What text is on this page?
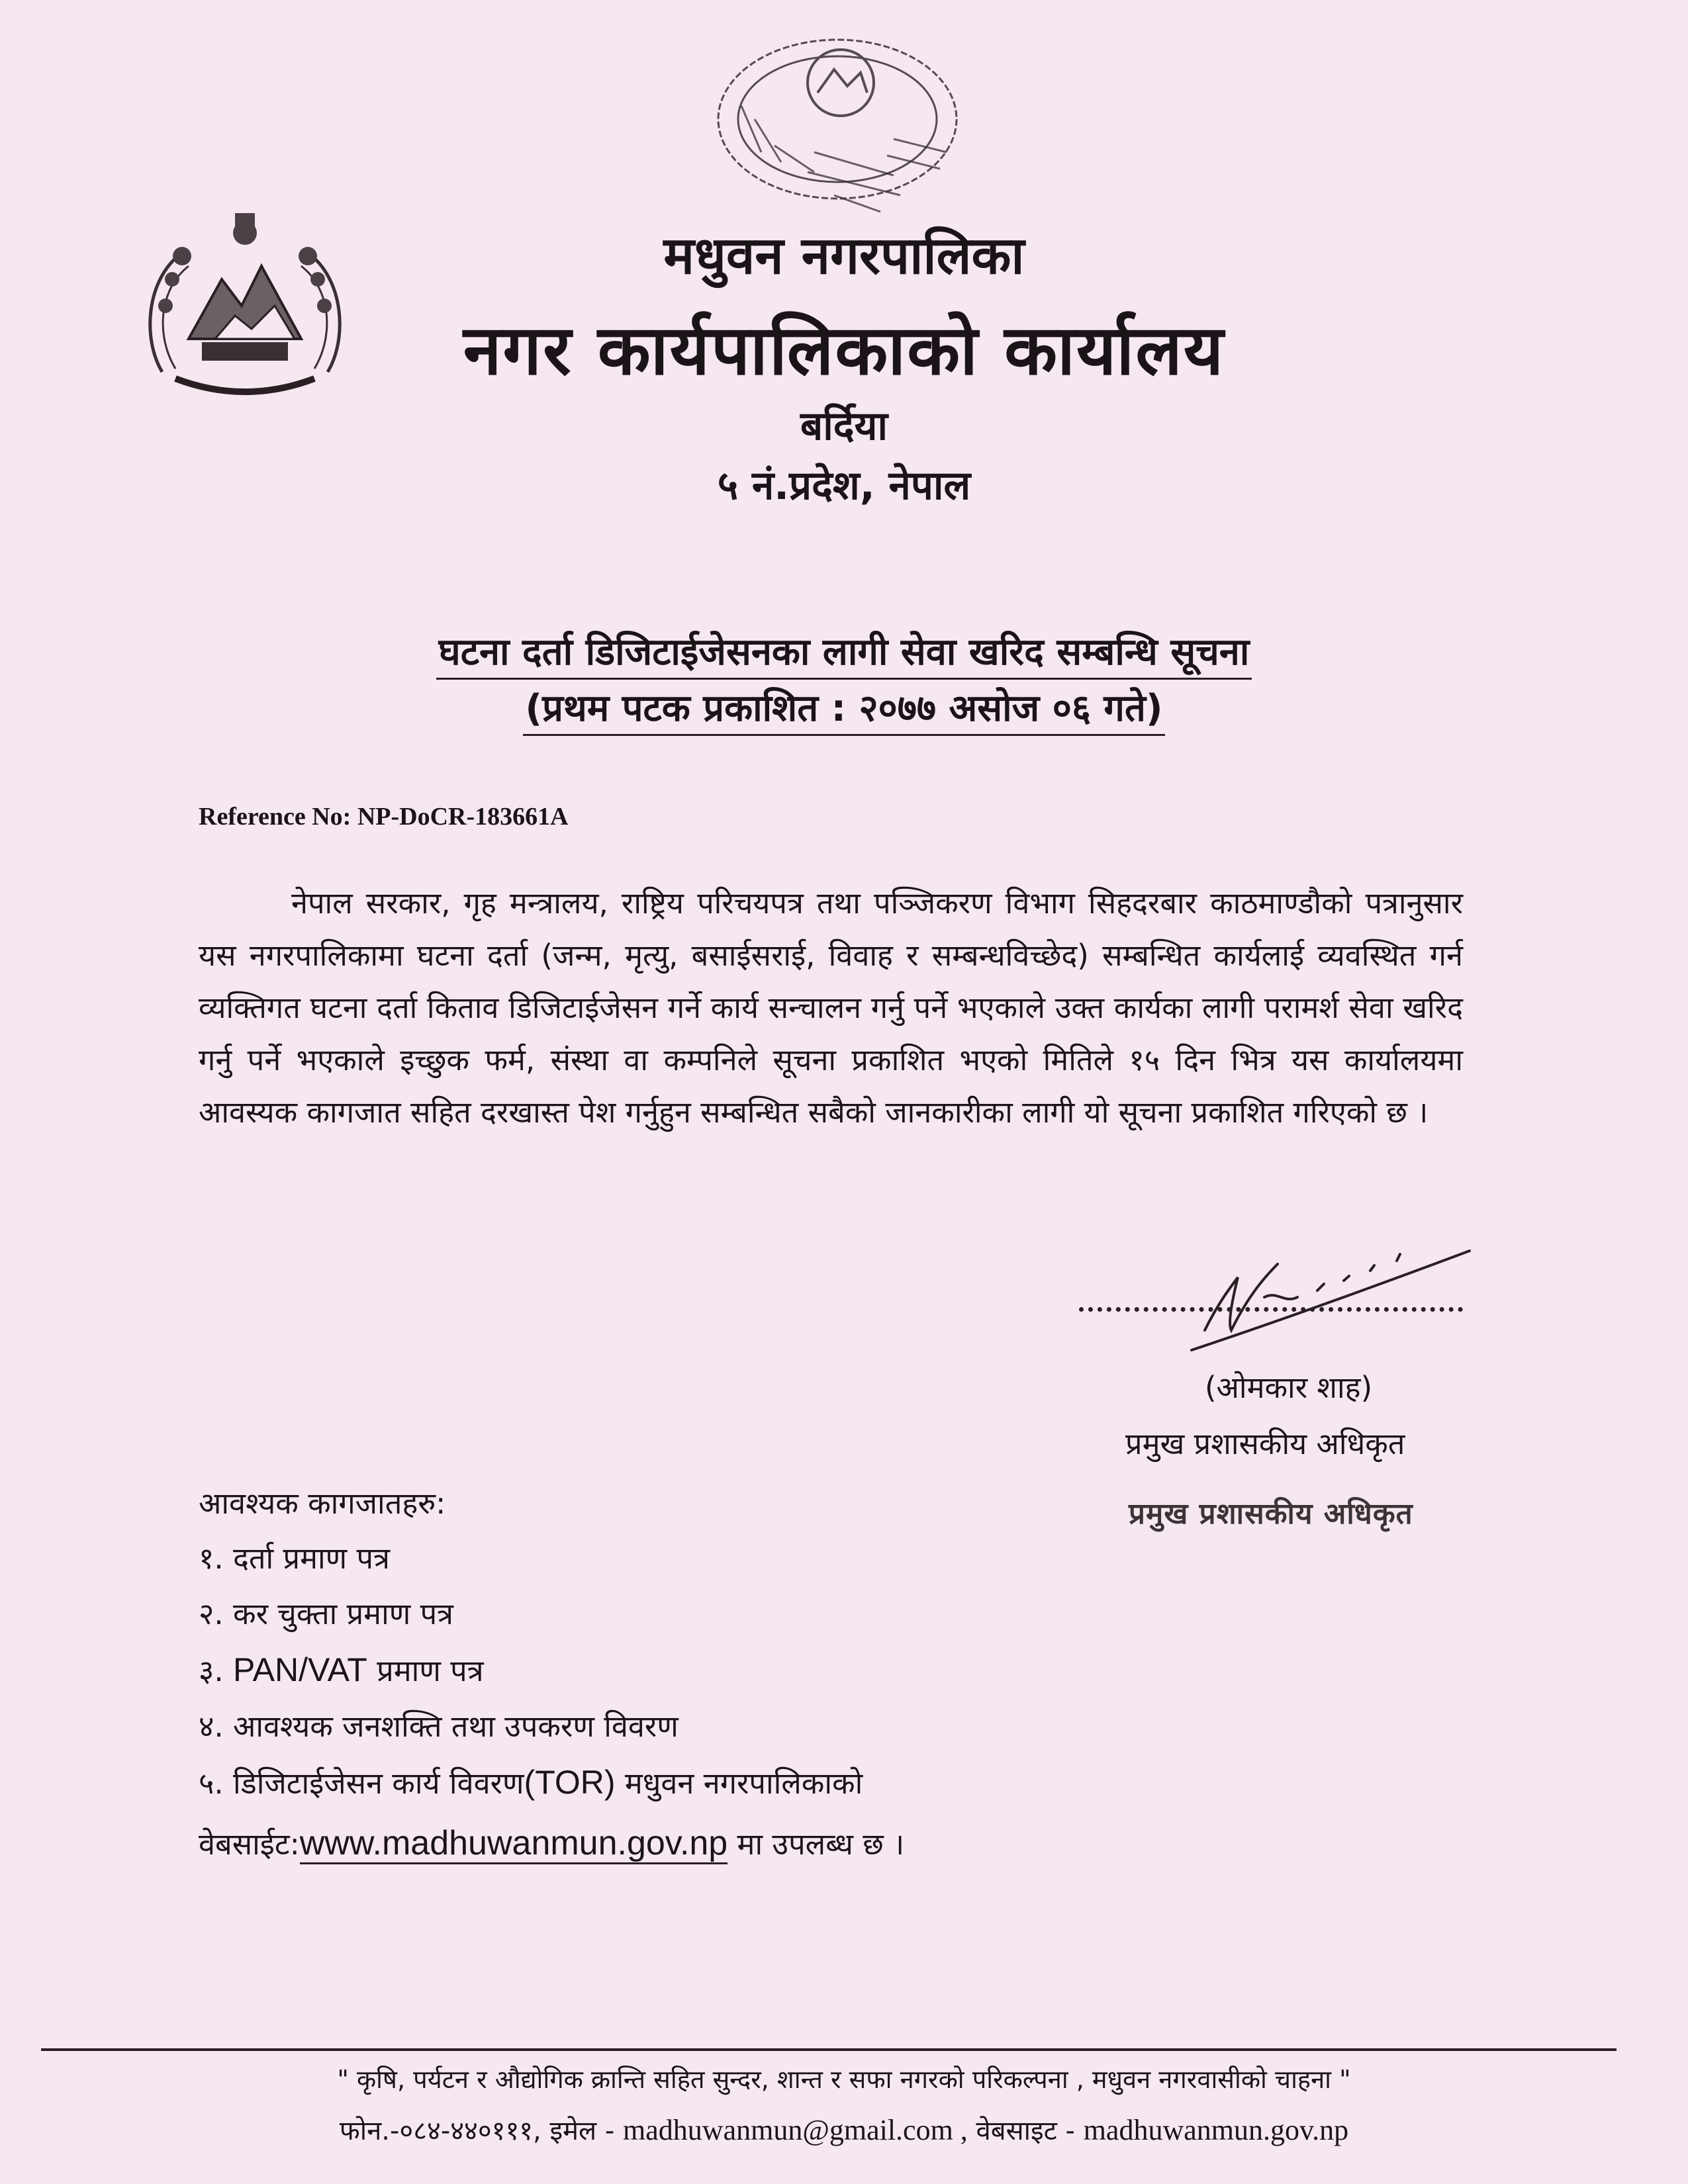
मधुवन नगरपालिका
नगर कार्यपालिकाको कार्यालय
बर्दिया
५ नं.प्रदेश, नेपाल
घटना दर्ता डिजिटाईजेसनका लागी सेवा खरिद सम्बन्धि सूचना
(प्रथम पटक प्रकाशित : २०७७ असोज ०६ गते)
Reference No: NP-DoCR-183661A
नेपाल सरकार, गृह मन्त्रालय, राष्ट्रिय परिचयपत्र तथा पञ्जिकरण विभाग सिहदरबार काठमाण्डौको पत्रानुसार यस नगरपालिकामा घटना दर्ता (जन्म, मृत्यु, बसाईसराई, विवाह र सम्बन्धविच्छेद) सम्बन्धित कार्यलाई व्यवस्थित गर्न व्यक्तिगत घटना दर्ता किताव डिजिटाईजेसन गर्ने कार्य सन्चालन गर्नु पर्ने भएकाले उक्त कार्यका लागी परामर्श सेवा खरिद गर्नु पर्ने भएकाले इच्छुक फर्म, संस्था वा कम्पनिले सूचना प्रकाशित भएको मितिले १५ दिन भित्र यस कार्यालयमा आवस्यक कागजात सहित दरखास्त पेश गर्नुहुन सम्बन्धित सबैको जानकारीका लागी यो सूचना प्रकाशित गरिएको छ ।
(ओमकार शाह)
प्रमुख प्रशासकीय अधिकृत
प्रमुख प्रशासकीय अधिकृत
आवश्यक कागजातहरु:
१. दर्ता प्रमाण पत्र
२. कर चुक्ता प्रमाण पत्र
३. PAN/VAT प्रमाण पत्र
४. आवश्यक जनशक्ति तथा उपकरण विवरण
५. डिजिटाईजेसन कार्य विवरण(TOR) मधुवन नगरपालिकाको
वेबसाईट:www.madhuwanmun.gov.np मा उपलब्ध छ ।
" कृषि, पर्यटन र औद्योगिक क्रान्ति सहित सुन्दर, शान्त र सफा नगरको परिकल्पना , मधुवन नगरवासीको चाहना "
फोन.-०८४-४४०१११, इमेल - madhuwanmun@gmail.com , वेबसाइट - madhuwanmun.gov.np
